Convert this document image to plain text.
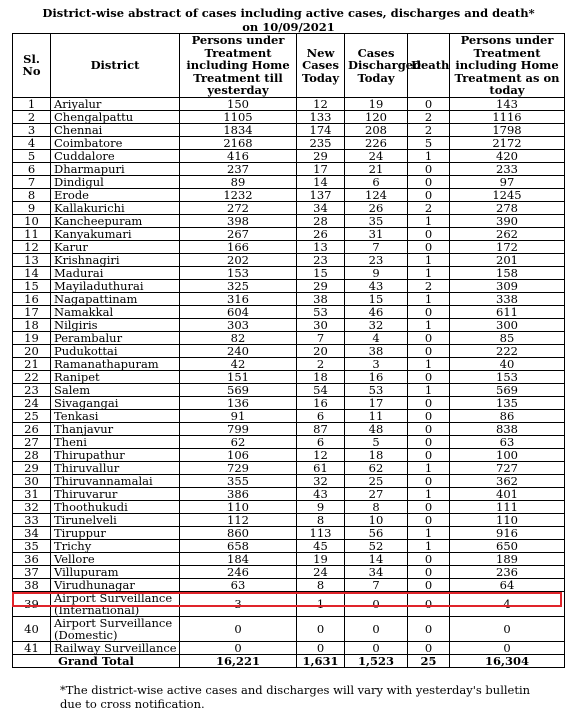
District-wise abstract of cases including active cases, discharges and death*
on 10/09/2021
Sl. No	District	Persons under Treatment including Home Treatment till yesterday	New Cases Today	Cases Discharged Today	Death	Persons under Treatment including Home Treatment as on today
1	Ariyalur	150	12	19	0	143
2	Chengalpattu	1105	133	120	2	1116
3	Chennai	1834	174	208	2	1798
4	Coimbatore	2168	235	226	5	2172
5	Cuddalore	416	29	24	1	420
6	Dharmapuri	237	17	21	0	233
7	Dindigul	89	14	6	0	97
8	Erode	1232	137	124	0	1245
9	Kallakurichi	272	34	26	2	278
10	Kancheepuram	398	28	35	1	390
11	Kanyakumari	267	26	31	0	262
12	Karur	166	13	7	0	172
13	Krishnagiri	202	23	23	1	201
14	Madurai	153	15	9	1	158
15	Mayiladuthurai	325	29	43	2	309
16	Nagapattinam	316	38	15	1	338
17	Namakkal	604	53	46	0	611
18	Nilgiris	303	30	32	1	300
19	Perambalur	82	7	4	0	85
20	Pudukottai	240	20	38	0	222
21	Ramanathapuram	42	2	3	1	40
22	Ranipet	151	18	16	0	153
23	Salem	569	54	53	1	569
24	Sivagangai	136	16	17	0	135
25	Tenkasi	91	6	11	0	86
26	Thanjavur	799	87	48	0	838
27	Theni	62	6	5	0	63
28	Thirupathur	106	12	18	0	100
29	Thiruvallur	729	61	62	1	727
30	Thiruvannamalai	355	32	25	0	362
31	Thiruvarur	386	43	27	1	401
32	Thoothukudi	110	9	8	0	111
33	Tirunelveli	112	8	10	0	110
34	Tiruppur	860	113	56	1	916
35	Trichy	658	45	52	1	650
36	Vellore	184	19	14	0	189
37	Villupuram	246	24	34	0	236
38	Virudhunagar	63	8	7	0	64
39	Airport Surveillance (International)	3	1	0	0	4
40	Airport Surveillance (Domestic)	0	0	0	0	0
41	Railway Surveillance	0	0	0	0	0
Grand Total		16,221	1,631	1,523	25	16,304
*The district-wise active cases and discharges will vary with yesterday's bulletin due to cross notification.
